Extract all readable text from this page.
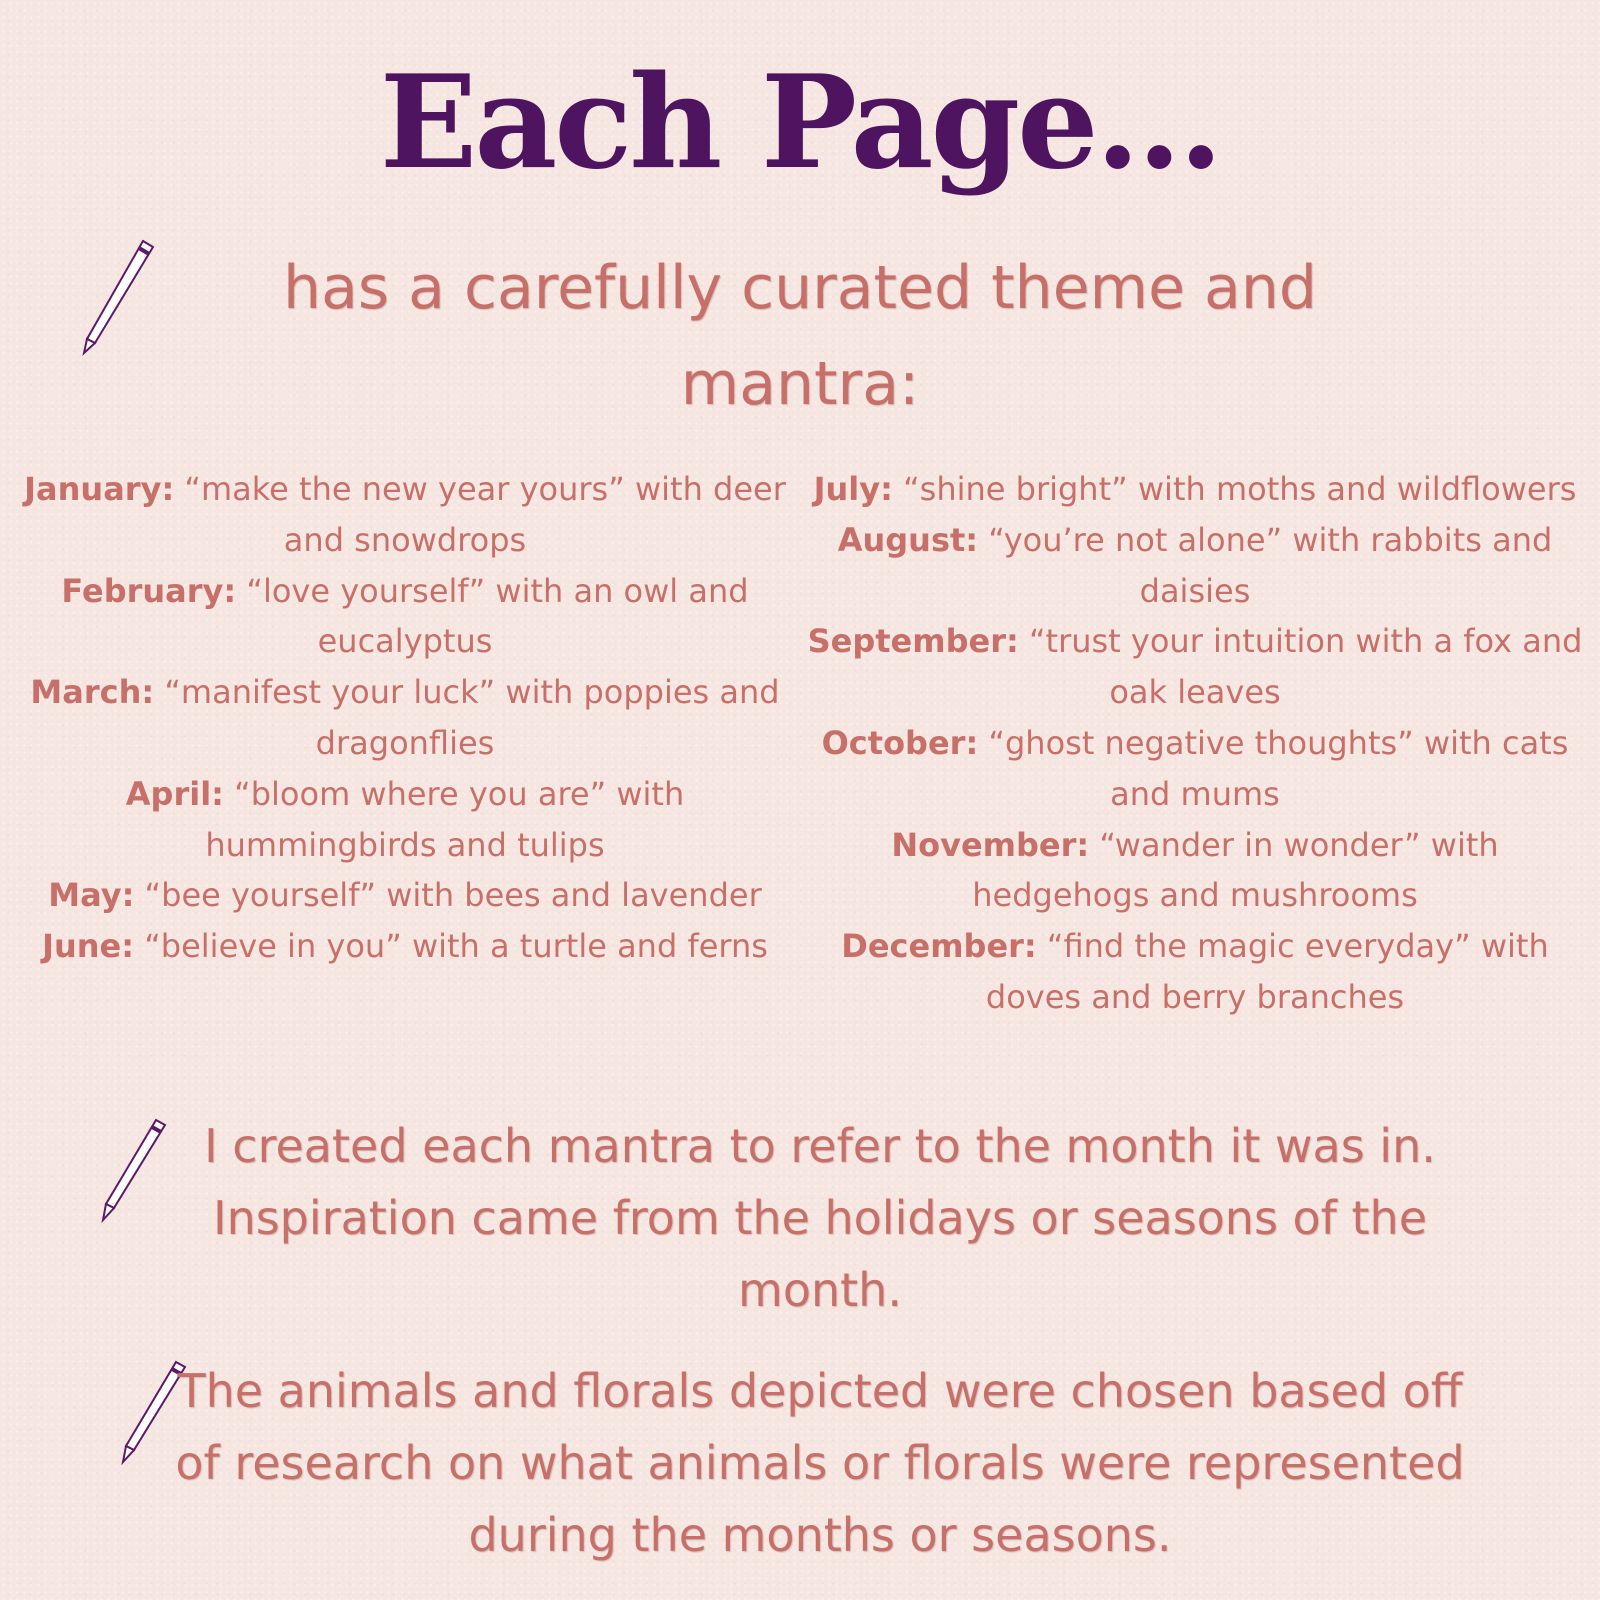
Each Page...
has a carefully curated theme and mantra:

January: “make the new year yours” with deer and snowdrops

February: “love yourself” with an owl and eucalyptus

March: “manifest your luck” with poppies and dragonflies

April: “bloom where you are” with hummingbirds and tulips

May: “bee yourself” with bees and lavender

June: “believe in you” with a turtle and ferns

July: “shine bright” with moths and wildflowers

August: “you’re not alone” with rabbits and daisies

September: “trust your intuition with a fox and oak leaves

October: “ghost negative thoughts” with cats and mums

November: “wander in wonder” with hedgehogs and mushrooms

December: “find the magic everyday” with doves and berry branches

I created each mantra to refer to the month it was in. Inspiration came from the holidays or seasons of the month.
The animals and florals depicted were chosen based off of research on what animals or florals were represented during the months or seasons.
